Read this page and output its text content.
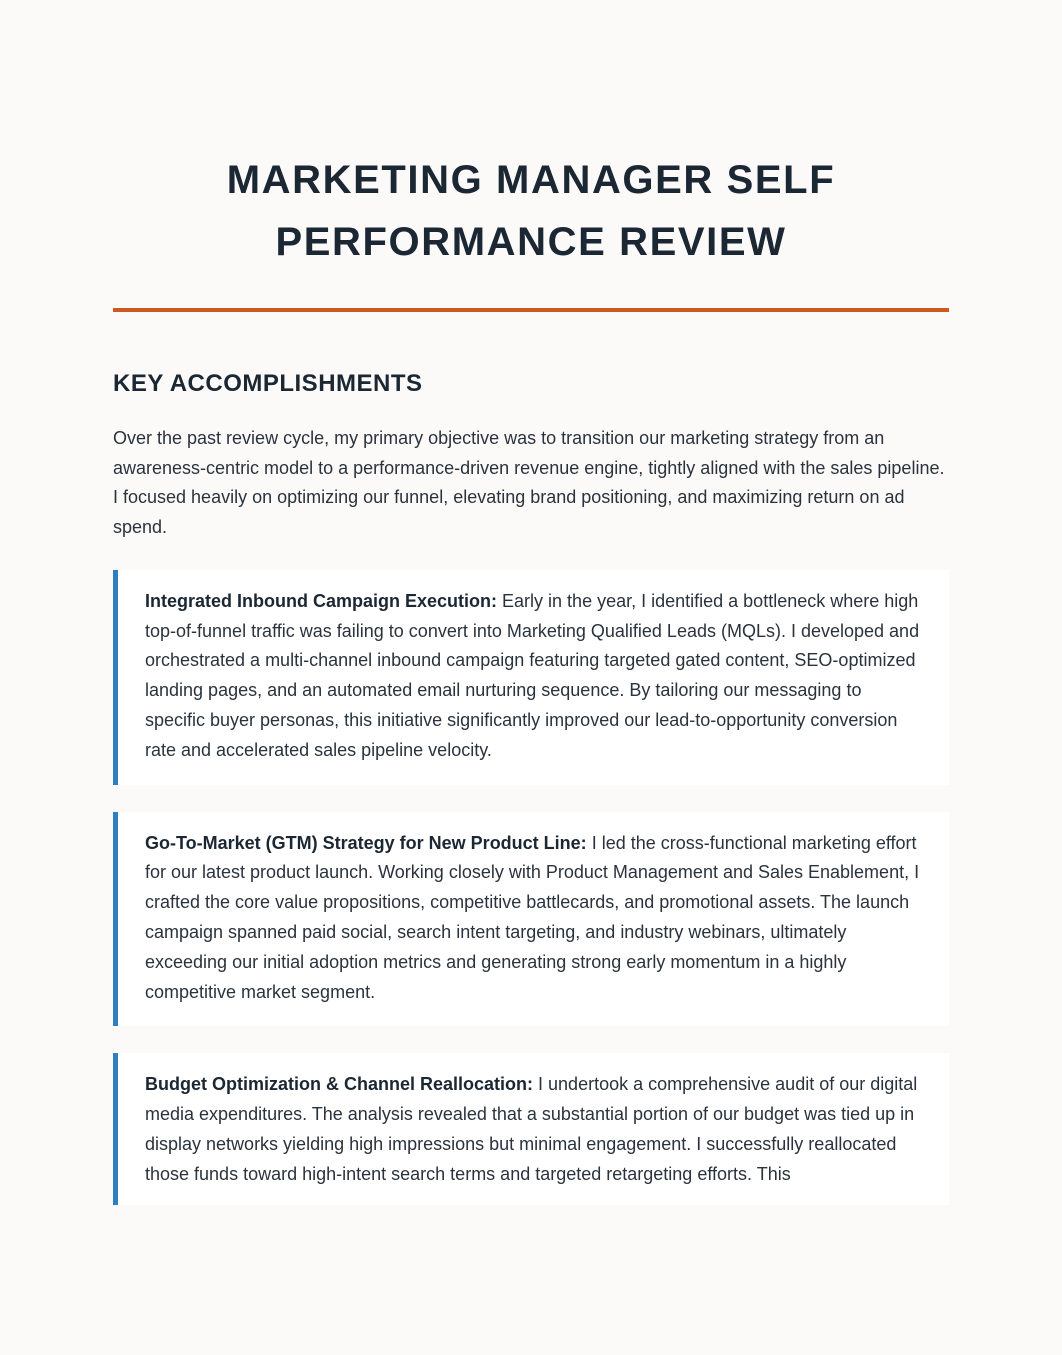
MARKETING MANAGER SELF
PERFORMANCE REVIEW
KEY ACCOMPLISHMENTS

Over the past review cycle, my primary objective was to transition our marketing strategy from an awareness-centric model to a performance-driven revenue engine, tightly aligned with the sales pipeline. I focused heavily on optimizing our funnel, elevating brand positioning, and maximizing return on ad spend.

Integrated Inbound Campaign Execution: Early in the year, I identified a bottleneck where high top-of-funnel traffic was failing to convert into Marketing Qualified Leads (MQLs). I developed and orchestrated a multi-channel inbound campaign featuring targeted gated content, SEO-optimized landing pages, and an automated email nurturing sequence. By tailoring our messaging to specific buyer personas, this initiative significantly improved our lead-to-opportunity conversion rate and accelerated sales pipeline velocity.
Go-To-Market (GTM) Strategy for New Product Line: I led the cross-functional marketing effort for our latest product launch. Working closely with Product Management and Sales Enablement, I crafted the core value propositions, competitive battlecards, and promotional assets. The launch campaign spanned paid social, search intent targeting, and industry webinars, ultimately exceeding our initial adoption metrics and generating strong early momentum in a highly competitive market segment.
Budget Optimization & Channel Reallocation: I undertook a comprehensive audit of our digital media expenditures. The analysis revealed that a substantial portion of our budget was tied up in display networks yielding high impressions but minimal engagement. I successfully reallocated those funds toward high-intent search terms and targeted retargeting efforts. This
